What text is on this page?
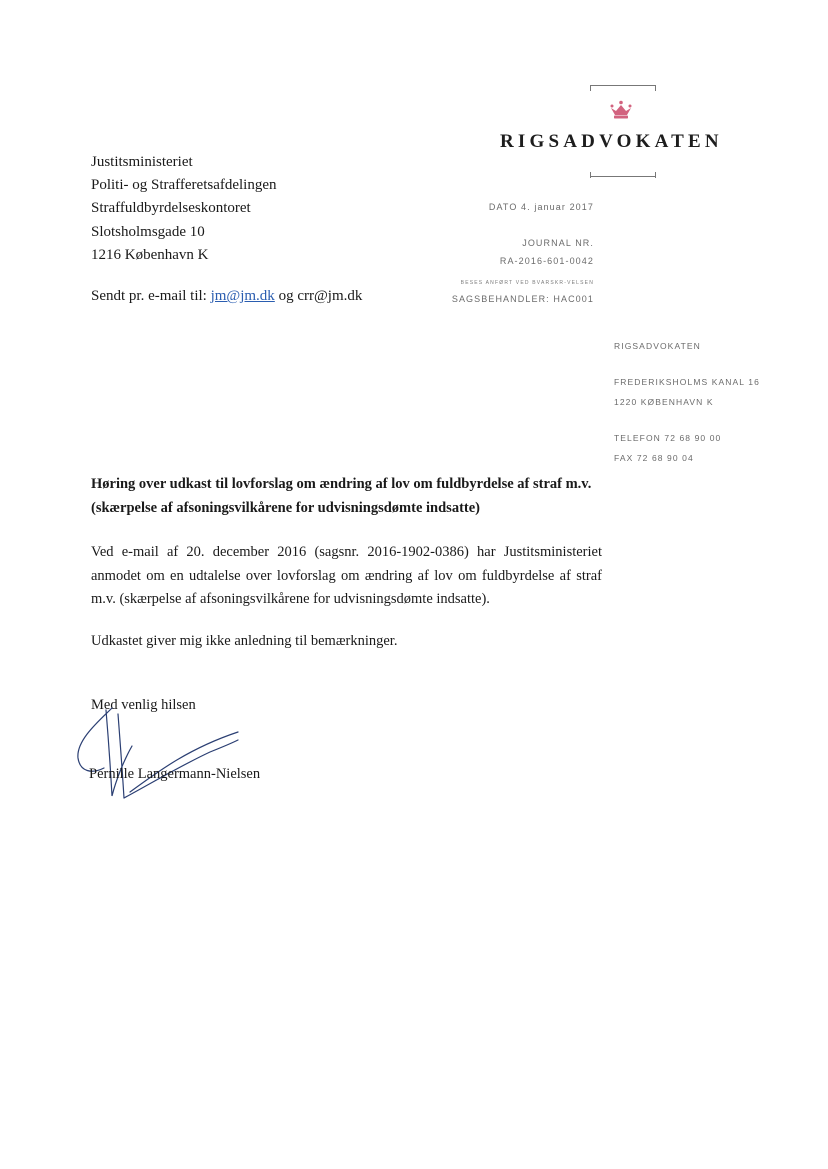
RIGSADVOKATEN
Justitsministeriet
Politi- og Strafferetsafdelingen
Straffuldbyrdelseskontoret
Slotsholmsgade 10
1216 København K
Sendt pr. e-mail til: jm@jm.dk og crr@jm.dk
DATO 4. januar 2017
JOURNAL NR.
RA-2016-601-0042
BESES ANFØRT VED BVARSKR-VELSEN
SAGSBEHANDLER: HAC001
RIGSADVOKATEN
FREDERIKSHOLMS KANAL 16
1220 KØBENHAVN K
TELEFON 72 68 90 00
FAX 72 68 90 04
Høring over udkast til lovforslag om ændring af lov om fuldbyrdelse af straf m.v.
(skærpelse af afsoningsvilkårene for udvisningsdømte indsatte)
Ved e-mail af 20. december 2016 (sagsnr. 2016-1902-0386) har Justitsministeriet anmodet om en udtalelse over lovforslag om ændring af lov om fuldbyrdelse af straf m.v. (skærpelse af afsoningsvilkårene for udvisningsdømte indsatte).
Udkastet giver mig ikke anledning til bemærkninger.
Med venlig hilsen
Pernille Langermann-Nielsen
